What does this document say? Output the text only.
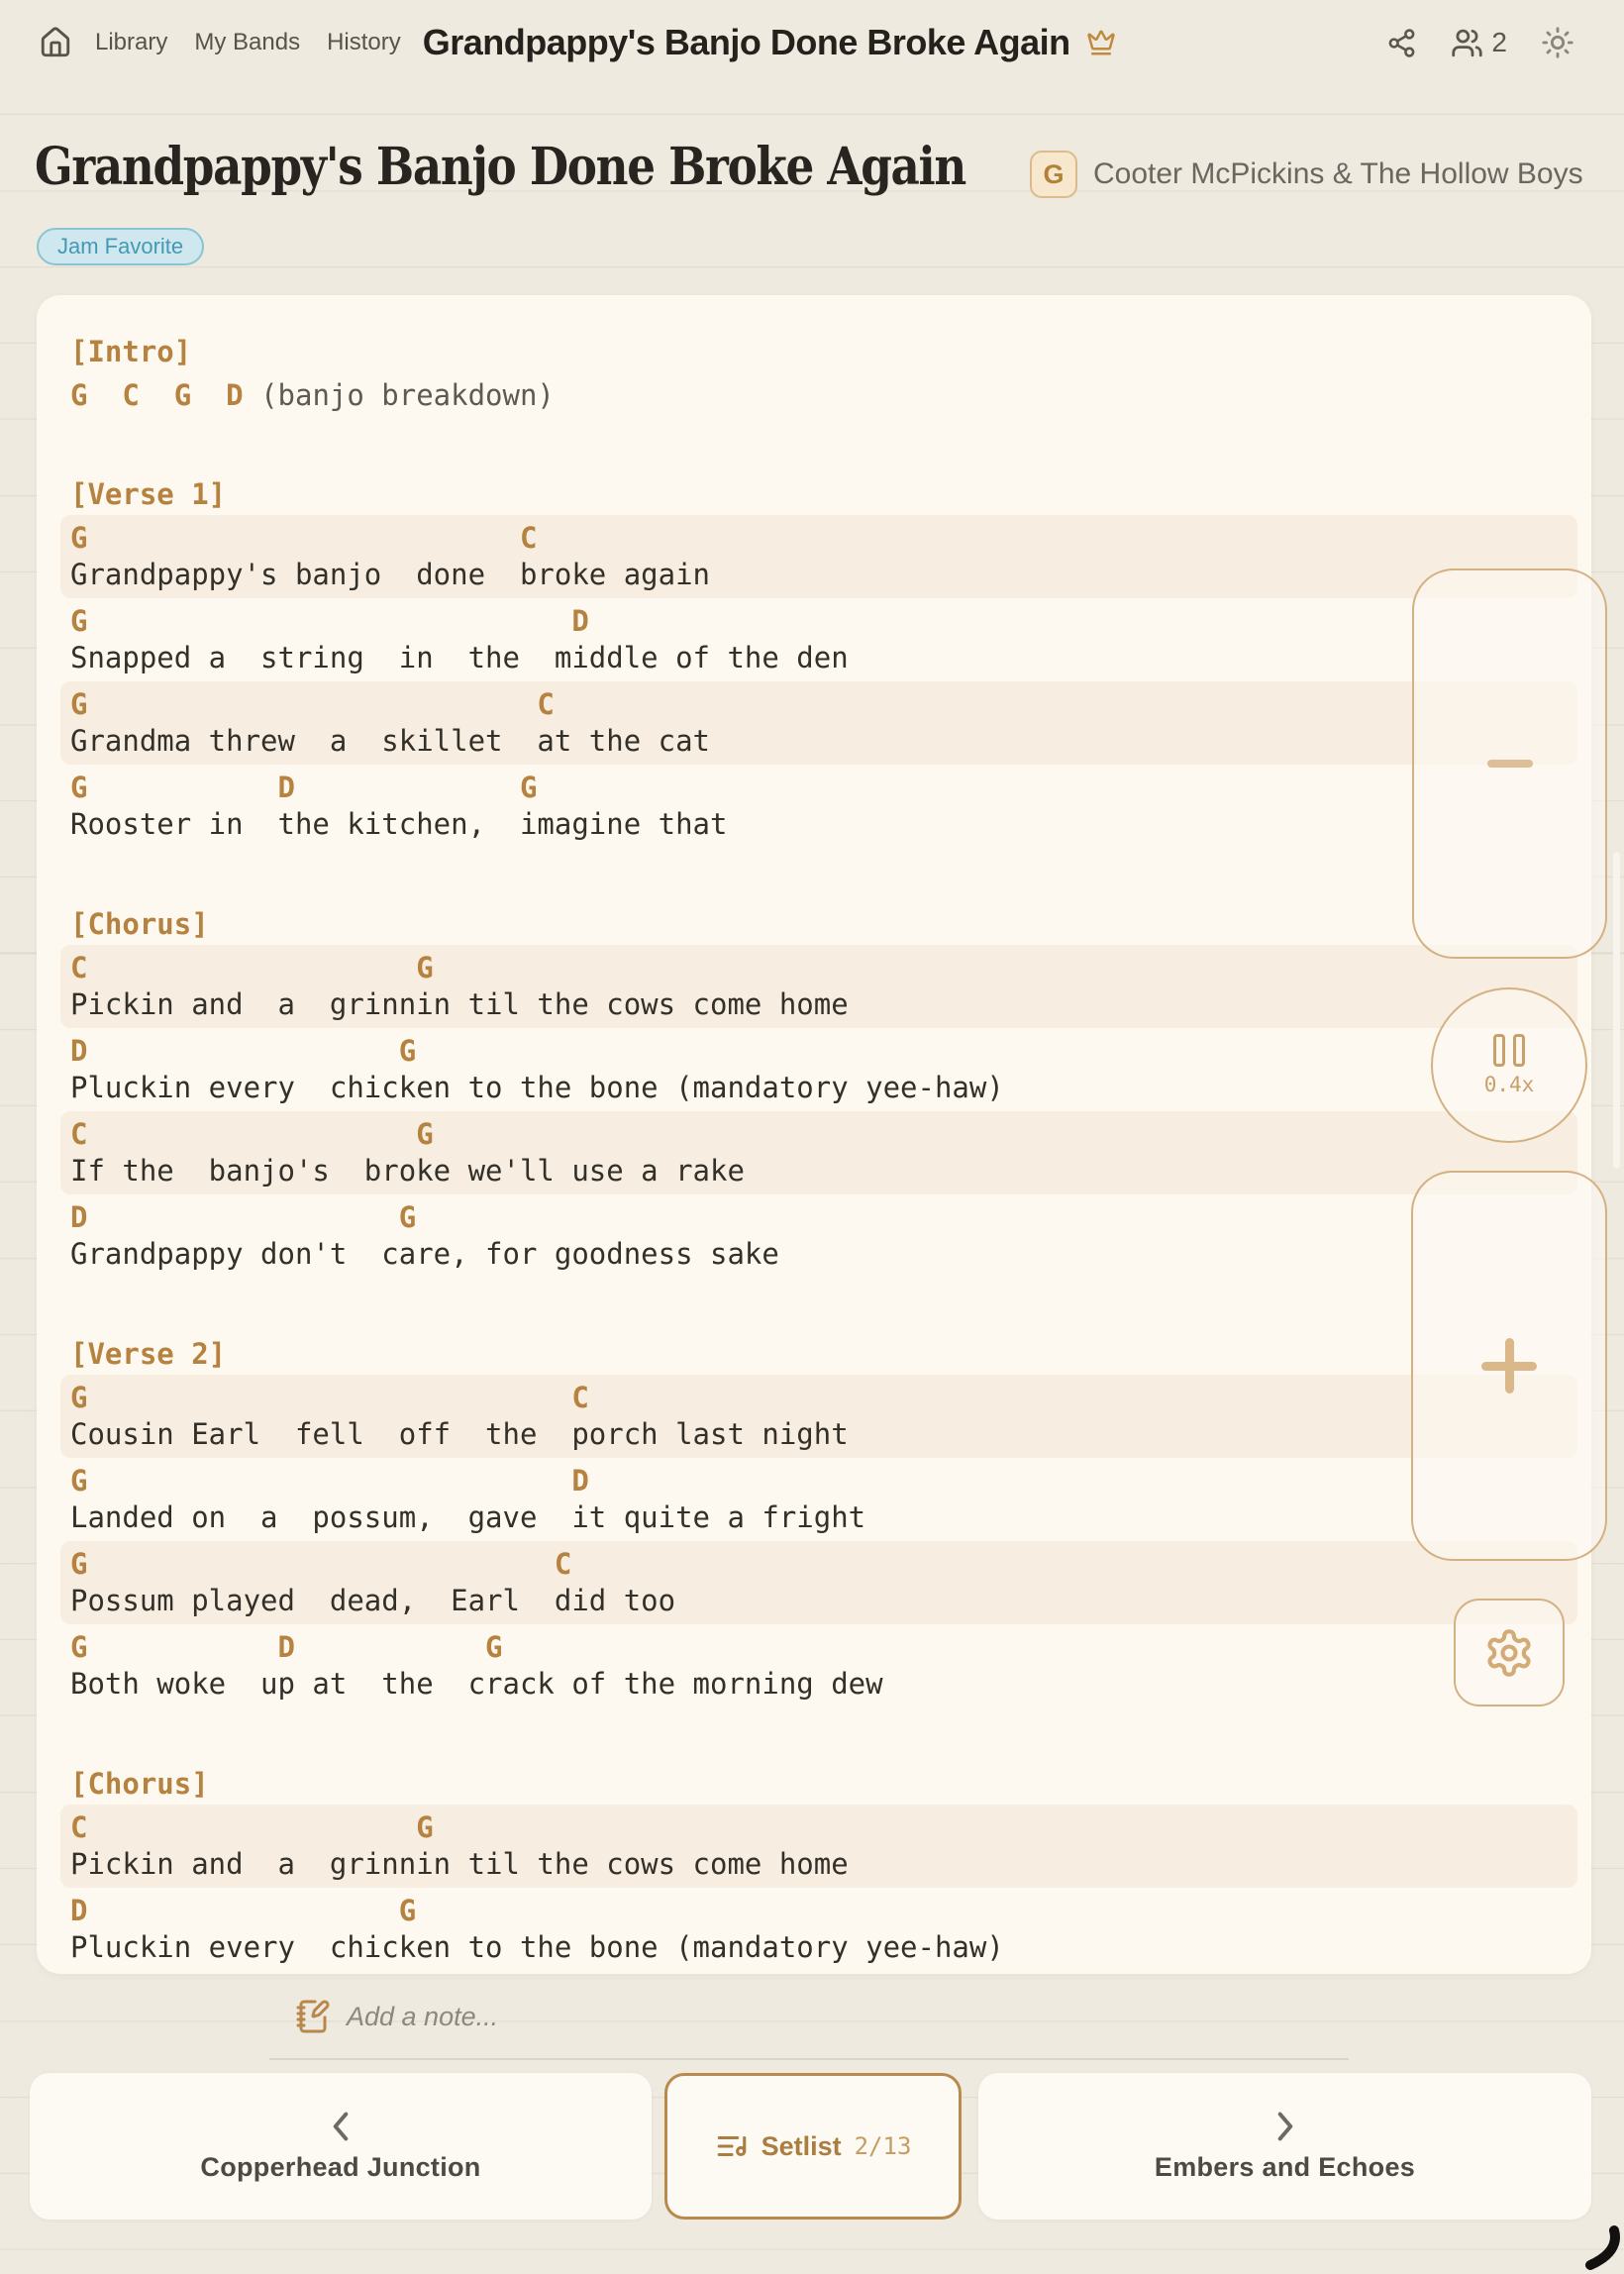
Library My Bands History Grandpappy's Banjo Done Broke Again	2
Grandpappy's Banjo Done Broke Again	G Cooter McPickins & The Hollow Boys
Jam Favorite
[Intro]
G  C  G  D (banjo breakdown)
[Verse 1]
G                         C
Grandpappy's banjo  done  broke again
G                            D
Snapped a  string  in  the  middle of the den
G                          C
Grandma threw  a  skillet  at the cat
G           D             G
Rooster in  the kitchen,  imagine that
[Chorus]
C                   G
Pickin and  a  grinnin til the cows come home
D                  G
Pluckin every  chicken to the bone (mandatory yee-haw)
C                   G
If the  banjo's  broke we'll use a rake
D                  G
Grandpappy don't  care, for goodness sake
[Verse 2]
G                            C
Cousin Earl  fell  off  the  porch last night
G                            D
Landed on  a  possum,  gave  it quite a fright
G                           C
Possum played  dead,  Earl  did too
G           D           G
Both woke  up at  the  crack of the morning dew
[Chorus]
C                   G
Pickin and  a  grinnin til the cows come home
D                  G
Pluckin every  chicken to the bone (mandatory yee-haw)
0.4x
Add a note...
Copperhead Junction
Setlist 2/13
Embers and Echoes
